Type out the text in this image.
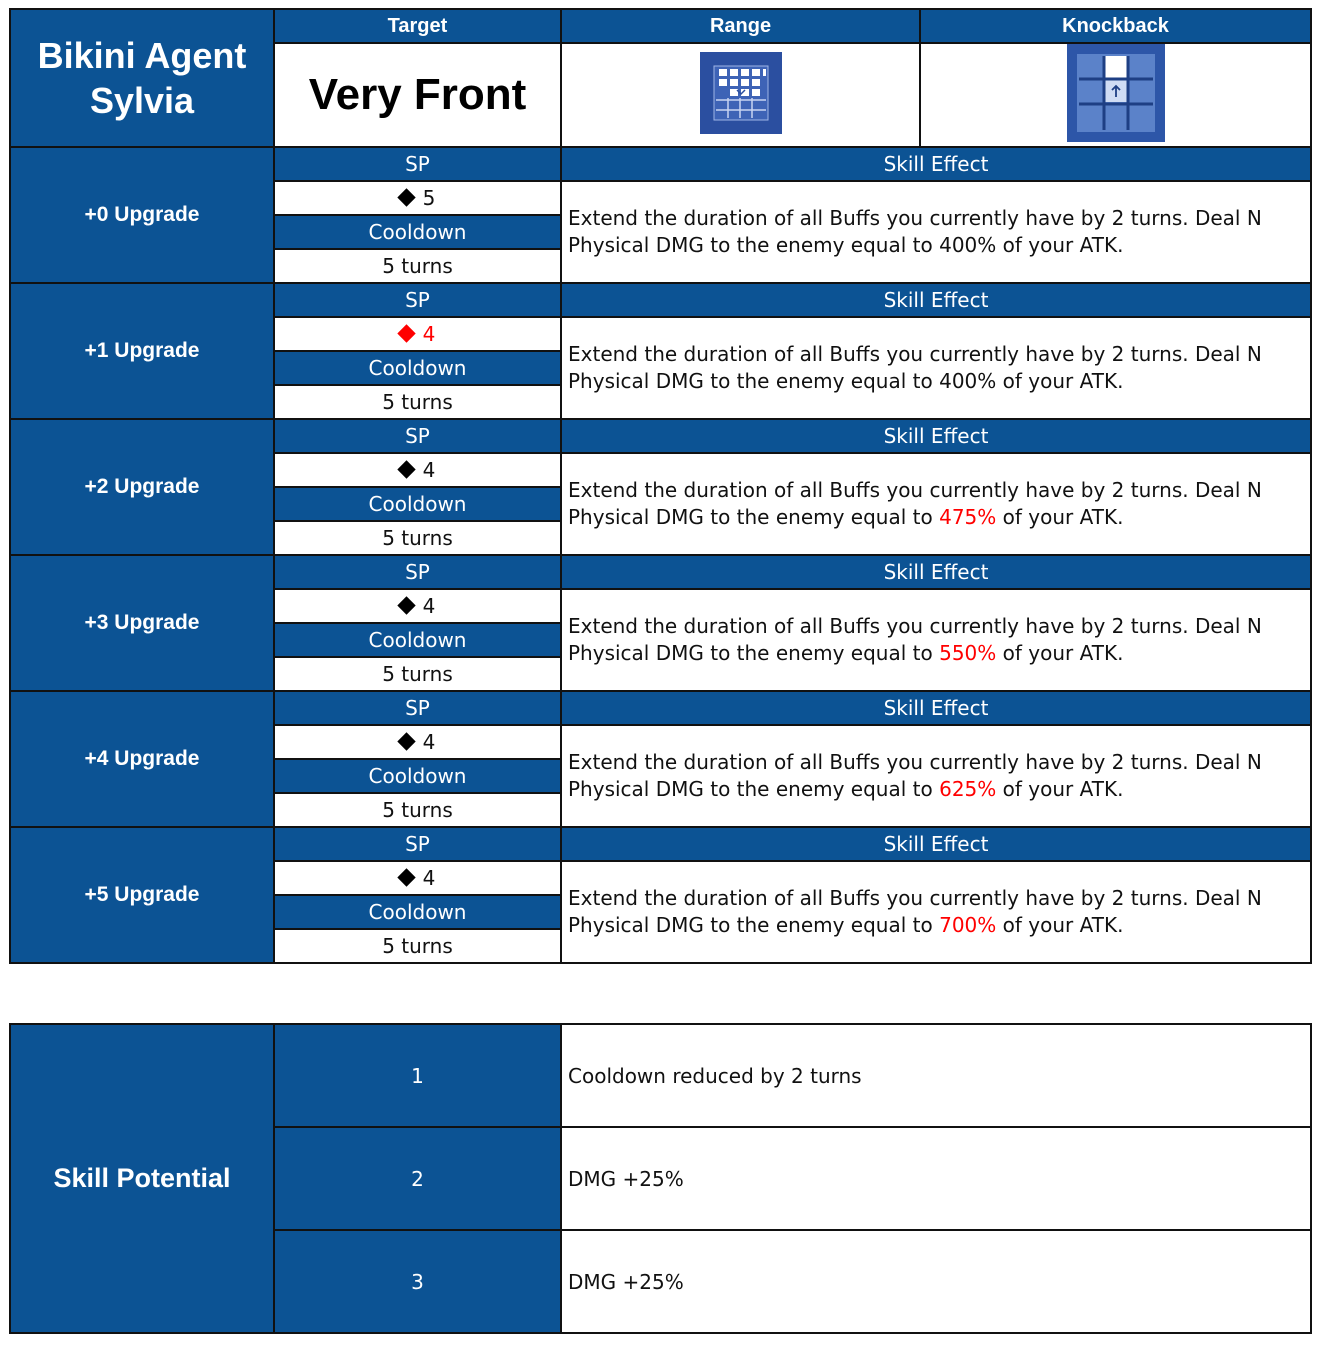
Bikini Agent Sylvia	Target	Range	Knockback
	Very Front		
+0 Upgrade	SP	Skill Effect	
	5	Extend the duration of all Buffs you currently have by 2 turns. Deal N Physical DMG to the enemy equal to 400% of your ATK.	
	Cooldown		
	5 turns		
+1 Upgrade	SP	Skill Effect	
	4	Extend the duration of all Buffs you currently have by 2 turns. Deal N Physical DMG to the enemy equal to 400% of your ATK.	
	Cooldown		
	5 turns		
+2 Upgrade	SP	Skill Effect	
	4	Extend the duration of all Buffs you currently have by 2 turns. Deal N Physical DMG to the enemy equal to 475% of your ATK.	
	Cooldown		
	5 turns		
+3 Upgrade	SP	Skill Effect	
	4	Extend the duration of all Buffs you currently have by 2 turns. Deal N Physical DMG to the enemy equal to 550% of your ATK.	
	Cooldown		
	5 turns		
+4 Upgrade	SP	Skill Effect	
	4	Extend the duration of all Buffs you currently have by 2 turns. Deal N Physical DMG to the enemy equal to 625% of your ATK.	
	Cooldown		
	5 turns		
+5 Upgrade	SP	Skill Effect	
	4	Extend the duration of all Buffs you currently have by 2 turns. Deal N Physical DMG to the enemy equal to 700% of your ATK.	
	Cooldown		
	5 turns		
Skill Potential	1	Cooldown reduced by 2 turns
	2	DMG +25%
	3	DMG +25%
